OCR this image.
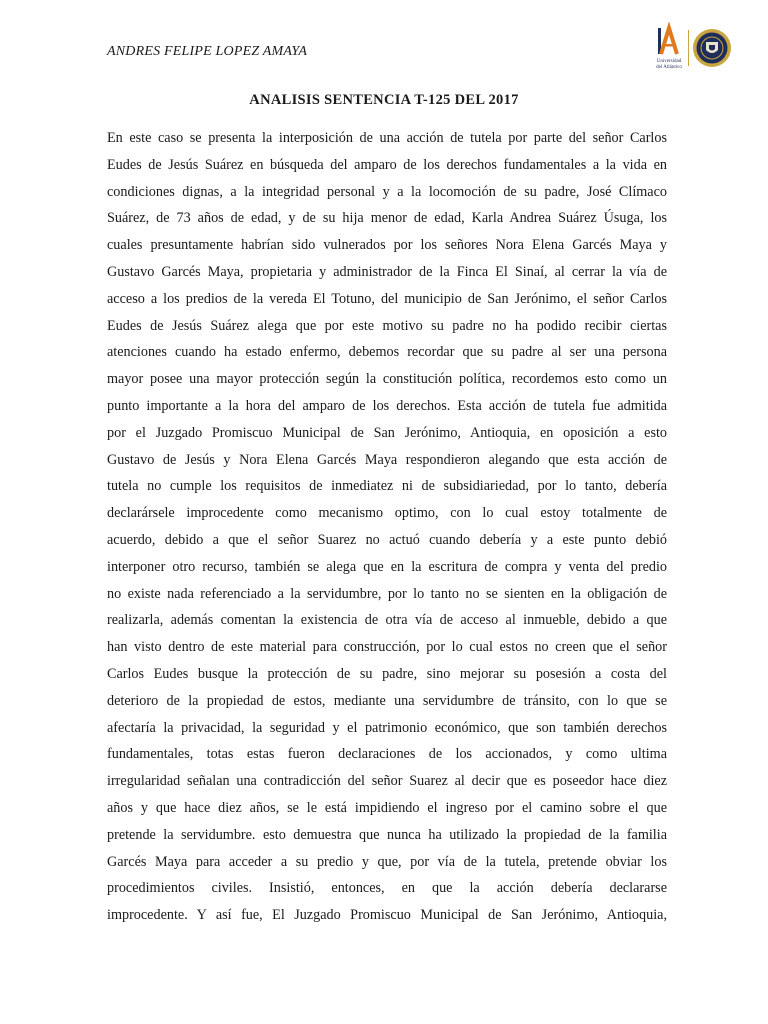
ANDRES FELIPE LOPEZ AMAYA
Universidad
del Atlántico
ANALISIS SENTENCIA T-125 DEL 2017
En este caso se presenta la interposición de una acción de tutela por parte del señor Carlos
Eudes de Jesús Suárez en búsqueda del amparo de los derechos fundamentales a la vida en
condiciones dignas, a la integridad personal y a la locomoción de su padre, José Clímaco
Suárez, de 73 años de edad, y de su hija menor de edad, Karla Andrea Suárez Úsuga, los
cuales presuntamente habrían sido vulnerados por los señores Nora Elena Garcés Maya y
Gustavo Garcés Maya, propietaria y administrador de la Finca El Sinaí, al cerrar la vía de
acceso a los predios de la vereda El Totuno, del municipio de San Jerónimo, el señor Carlos
Eudes de Jesús Suárez alega que por este motivo su padre no ha podido recibir ciertas
atenciones cuando ha estado enfermo, debemos recordar que su padre al ser una persona
mayor posee una mayor protección según la constitución política, recordemos esto como un
punto importante a la hora del amparo de los derechos. Esta acción de tutela fue admitida
por el Juzgado Promiscuo Municipal de San Jerónimo, Antioquia, en oposición a esto
Gustavo de Jesús y Nora Elena Garcés Maya respondieron alegando que esta acción de
tutela no cumple los requisitos de inmediatez ni de subsidiariedad, por lo tanto, debería
declarársele improcedente como mecanismo optimo, con lo cual estoy totalmente de
acuerdo, debido a que el señor Suarez no actuó cuando debería y a este punto debió
interponer otro recurso, también se alega que en la escritura de compra y venta del predio
no existe nada referenciado a la servidumbre, por lo tanto no se sienten en la obligación de
realizarla, además comentan la existencia de otra vía de acceso al inmueble, debido a que
han visto dentro de este material para construcción, por lo cual estos no creen que el señor
Carlos Eudes busque la protección de su padre, sino mejorar su posesión a costa del
deterioro de la propiedad de estos, mediante una servidumbre de tránsito, con lo que se
afectaría la privacidad, la seguridad y el patrimonio económico, que son también derechos
fundamentales, totas estas fueron declaraciones de los accionados, y como ultima
irregularidad señalan una contradicción del señor Suarez al decir que es poseedor hace diez
años y que hace diez años, se le está impidiendo el ingreso por el camino sobre el que
pretende la servidumbre. esto demuestra que nunca ha utilizado la propiedad de la familia
Garcés Maya para acceder a su predio y que, por vía de la tutela, pretende obviar los
procedimientos civiles. Insistió, entonces, en que la acción debería declararse
improcedente. Y así fue, El Juzgado Promiscuo Municipal de San Jerónimo, Antioquia,
